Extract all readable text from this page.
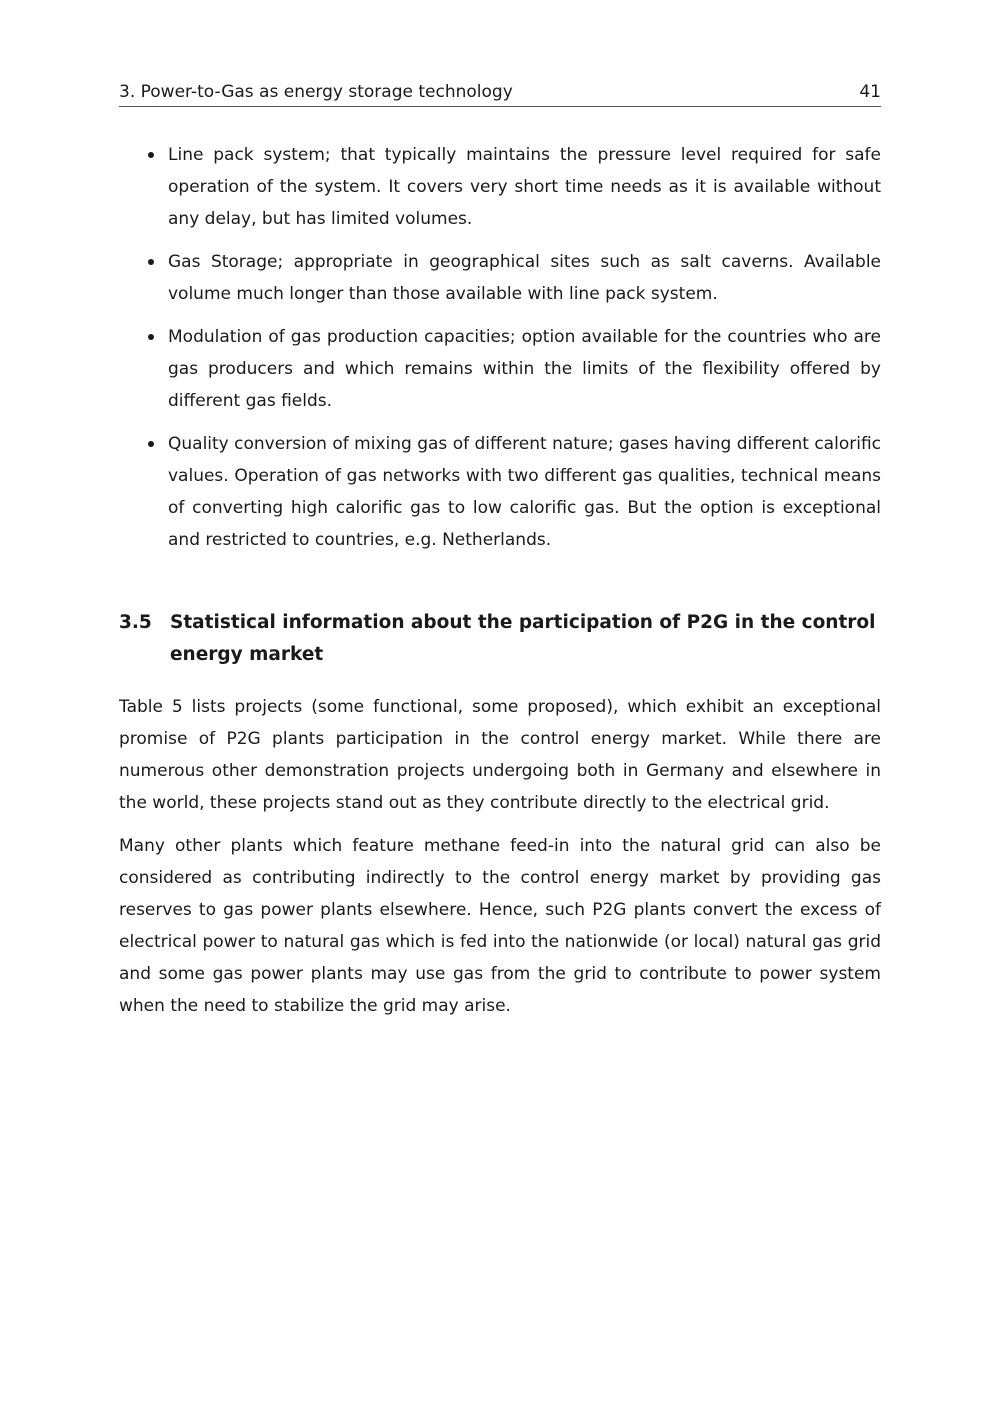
3. Power-to-Gas as energy storage technology	41
Line pack system; that typically maintains the pressure level required for safe operation of the system. It covers very short time needs as it is available without any delay, but has limited volumes.
Gas Storage; appropriate in geographical sites such as salt caverns. Available volume much longer than those available with line pack system.
Modulation of gas production capacities; option available for the countries who are gas producers and which remains within the limits of the flexibility offered by different gas fields.
Quality conversion of mixing gas of different nature; gases having different calorific values. Operation of gas networks with two different gas qualities, technical means of converting high calorific gas to low calorific gas. But the option is exceptional and restricted to countries, e.g. Netherlands.
3.5 Statistical information about the participation of P2G in the control energy market

Table 5 lists projects (some functional, some proposed), which exhibit an exceptional promise of P2G plants participation in the control energy market. While there are numerous other demonstration projects undergoing both in Germany and elsewhere in the world, these projects stand out as they contribute directly to the electrical grid.

Many other plants which feature methane feed-in into the natural grid can also be considered as contributing indirectly to the control energy market by providing gas reserves to gas power plants elsewhere. Hence, such P2G plants convert the excess of electrical power to natural gas which is fed into the nationwide (or local) natural gas grid and some gas power plants may use gas from the grid to contribute to power system when the need to stabilize the grid may arise.
